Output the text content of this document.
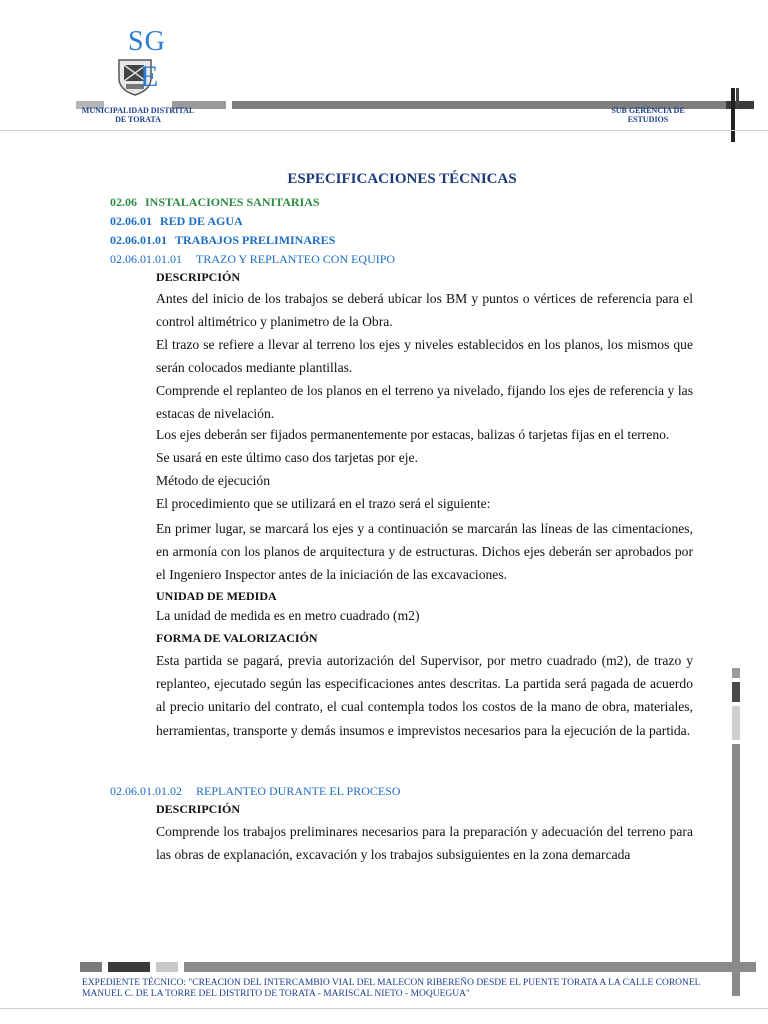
SG
E
MUNICIPALIDAD DISTRITAL DE TORATA
SUB GERENCIA DE ESTUDIOS
ESPECIFICACIONES TÉCNICAS
02.06 INSTALACIONES SANITARIAS
02.06.01 RED DE AGUA
02.06.01.01 TRABAJOS PRELIMINARES
02.06.01.01.01 TRAZO Y REPLANTEO CON EQUIPO
DESCRIPCIÓN
Antes del inicio de los trabajos se deberá ubicar los BM y puntos o vértices de referencia para el control altimétrico y planimetro de la Obra.
El trazo se refiere a llevar al terreno los ejes y niveles establecidos en los planos, los mismos que serán colocados mediante plantillas.
Comprende el replanteo de los planos en el terreno ya nivelado, fijando los ejes de referencia y las estacas de nivelación.
Los ejes deberán ser fijados permanentemente por estacas, balizas ó tarjetas fijas en el terreno.
Se usará en este último caso dos tarjetas por eje.
Método de ejecución
El procedimiento que se utilizará en el trazo será el siguiente:
En primer lugar, se marcará los ejes y a continuación se marcarán las líneas de las cimentaciones, en armonía con los planos de arquitectura y de estructuras. Dichos ejes deberán ser aprobados por el Ingeniero Inspector antes de la iniciación de las excavaciones.
UNIDAD DE MEDIDA
La unidad de medida es en metro cuadrado (m2)
FORMA DE VALORIZACIÓN
Esta partida se pagará, previa autorización del Supervisor, por metro cuadrado (m2), de trazo y replanteo, ejecutado según las especificaciones antes descritas. La partida será pagada de acuerdo al precio unitario del contrato, el cual contempla todos los costos de la mano de obra, materiales, herramientas, transporte y demás insumos e imprevistos necesarios para la ejecución de la partida.
02.06.01.01.02 REPLANTEO DURANTE EL PROCESO
DESCRIPCIÓN
Comprende los trabajos preliminares necesarios para la preparación y adecuación del terreno para las obras de explanación, excavación y los trabajos subsiguientes en la zona demarcada
EXPEDIENTE TÉCNICO: "CREACION DEL INTERCAMBIO VIAL DEL MALECON RIBEREÑO DESDE EL PUENTE TORATA A LA CALLE CORONEL MANUEL C. DE LA TORRE DEL DISTRITO DE TORATA - MARISCAL NIETO - MOQUEGUA"
